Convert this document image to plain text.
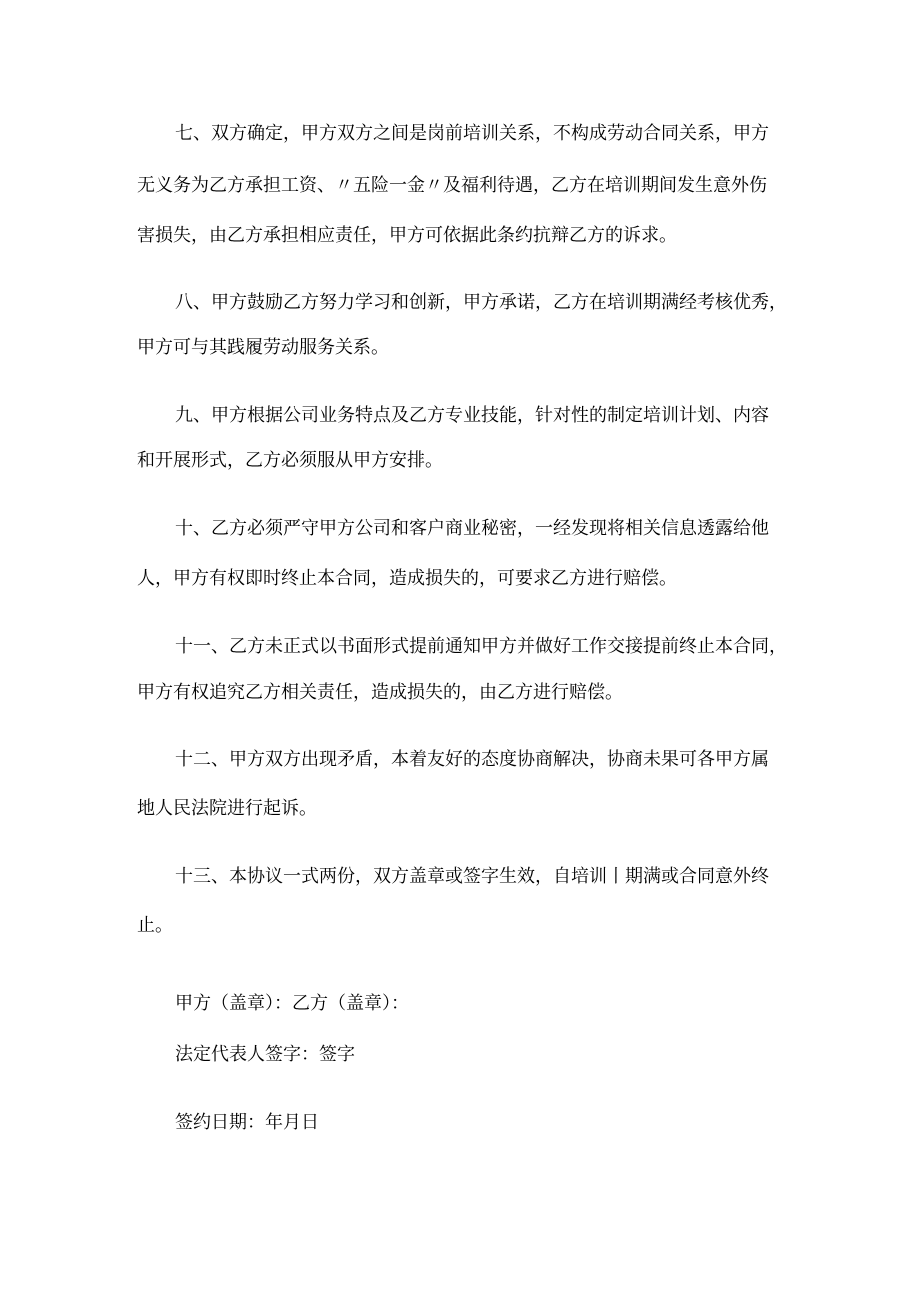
七、双方确定，甲方双方之间是岗前培训关系，不构成劳动合同关系，甲方
无义务为乙方承担工资、〃五险一金〃及福利待遇，乙方在培训期间发生意外伤
害损失，由乙方承担相应责任，甲方可依据此条约抗辩乙方的诉求。
八、甲方鼓励乙方努力学习和创新，甲方承诺，乙方在培训期满经考核优秀，
甲方可与其践履劳动服务关系。
九、甲方根据公司业务特点及乙方专业技能，针对性的制定培训计划、内容
和开展形式，乙方必须服从甲方安排。
十、乙方必须严守甲方公司和客户商业秘密，一经发现将相关信息透露给他
人，甲方有权即时终止本合同，造成损失的，可要求乙方进行赔偿。
十一、乙方未正式以书面形式提前通知甲方并做好工作交接提前终止本合同，
甲方有权追究乙方相关责任，造成损失的，由乙方进行赔偿。
十二、甲方双方出现矛盾，本着友好的态度协商解决，协商未果可各甲方属
地人民法院进行起诉。
十三、本协议一式两份，双方盖章或签字生效，自培训丨期满或合同意外终
止。
甲方（盖章）：乙方（盖章）：
法定代表人签字：签字
签约日期：年月日
